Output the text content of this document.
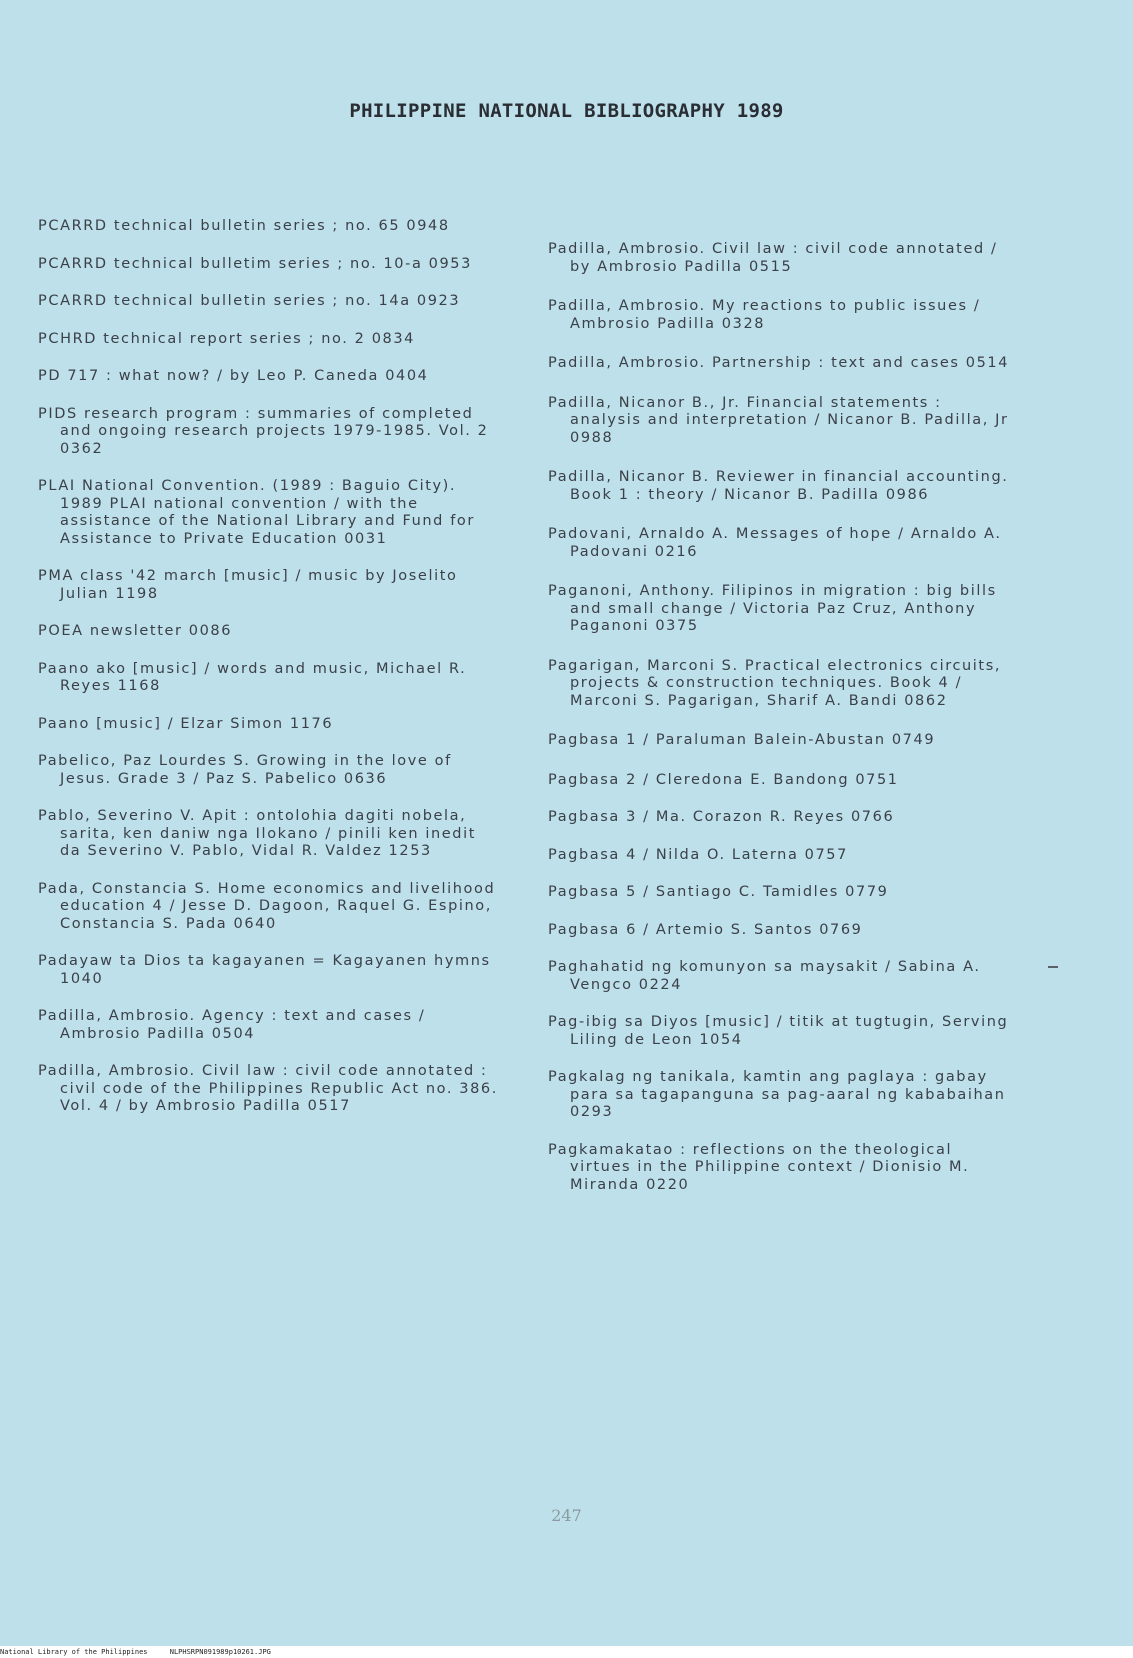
PHILIPPINE NATIONAL BIBLIOGRAPHY 1989

PCARRD technical bulletin series ; no. 65 0948

PCARRD technical bulletim series ; no. 10-a 0953

PCARRD technical bulletin series ; no. 14a 0923

PCHRD technical report series ; no. 2 0834

PD 717 : what now? / by Leo P. Caneda 0404

PIDS research program : summaries of completed and ongoing research projects 1979-1985. Vol. 2 0362

PLAI National Convention. (1989 : Baguio City). 1989 PLAI national convention / with the assistance of the National Library and Fund for Assistance to Private Education 0031

PMA class '42 march [music] / music by Joselito Julian 1198

POEA newsletter 0086

Paano ako [music] / words and music, Michael R. Reyes 1168

Paano [music] / Elzar Simon 1176

Pabelico, Paz Lourdes S. Growing in the love of Jesus. Grade 3 / Paz S. Pabelico 0636

Pablo, Severino V. Apit : ontolohia dagiti nobela, sarita, ken daniw nga Ilokano / pinili ken inedit da Severino V. Pablo, Vidal R. Valdez 1253

Pada, Constancia S. Home economics and livelihood education 4 / Jesse D. Dagoon, Raquel G. Espino, Constancia S. Pada 0640

Padayaw ta Dios ta kagayanen = Kagayanen hymns 1040

Padilla, Ambrosio. Agency : text and cases / Ambrosio Padilla 0504

Padilla, Ambrosio. Civil law : civil code annotated : civil code of the Philippines Republic Act no. 386. Vol. 4 / by Ambrosio Padilla 0517

Padilla, Ambrosio. Civil law : civil code annotated / by Ambrosio Padilla 0515

Padilla, Ambrosio. My reactions to public issues / Ambrosio Padilla 0328

Padilla, Ambrosio. Partnership : text and cases 0514

Padilla, Nicanor B., Jr. Financial statements : analysis and interpretation / Nicanor B. Padilla, Jr 0988

Padilla, Nicanor B. Reviewer in financial accounting. Book 1 : theory / Nicanor B. Padilla 0986

Padovani, Arnaldo A. Messages of hope / Arnaldo A. Padovani 0216

Paganoni, Anthony. Filipinos in migration : big bills and small change / Victoria Paz Cruz, Anthony Paganoni 0375

Pagarigan, Marconi S. Practical electronics circuits, projects & construction techniques. Book 4 / Marconi S. Pagarigan, Sharif A. Bandi 0862

Pagbasa 1 / Paraluman Balein-Abustan 0749

Pagbasa 2 / Cleredona E. Bandong 0751

Pagbasa 3 / Ma. Corazon R. Reyes 0766

Pagbasa 4 / Nilda O. Laterna 0757

Pagbasa 5 / Santiago C. Tamidles 0779

Pagbasa 6 / Artemio S. Santos 0769

Paghahatid ng komunyon sa maysakit / Sabina A. Vengco 0224

Pag-ibig sa Diyos [music] / titik at tugtugin, Serving Liling de Leon 1054

Pagkalag ng tanikala, kamtin ang paglaya : gabay para sa tagapanguna sa pag-aaral ng kababaihan 0293

Pagkamakatao : reflections on the theological virtues in the Philippine context / Dionisio M. Miranda 0220

247
National Library of the Philippines	NLPHSRPN091989p10261.JPG
